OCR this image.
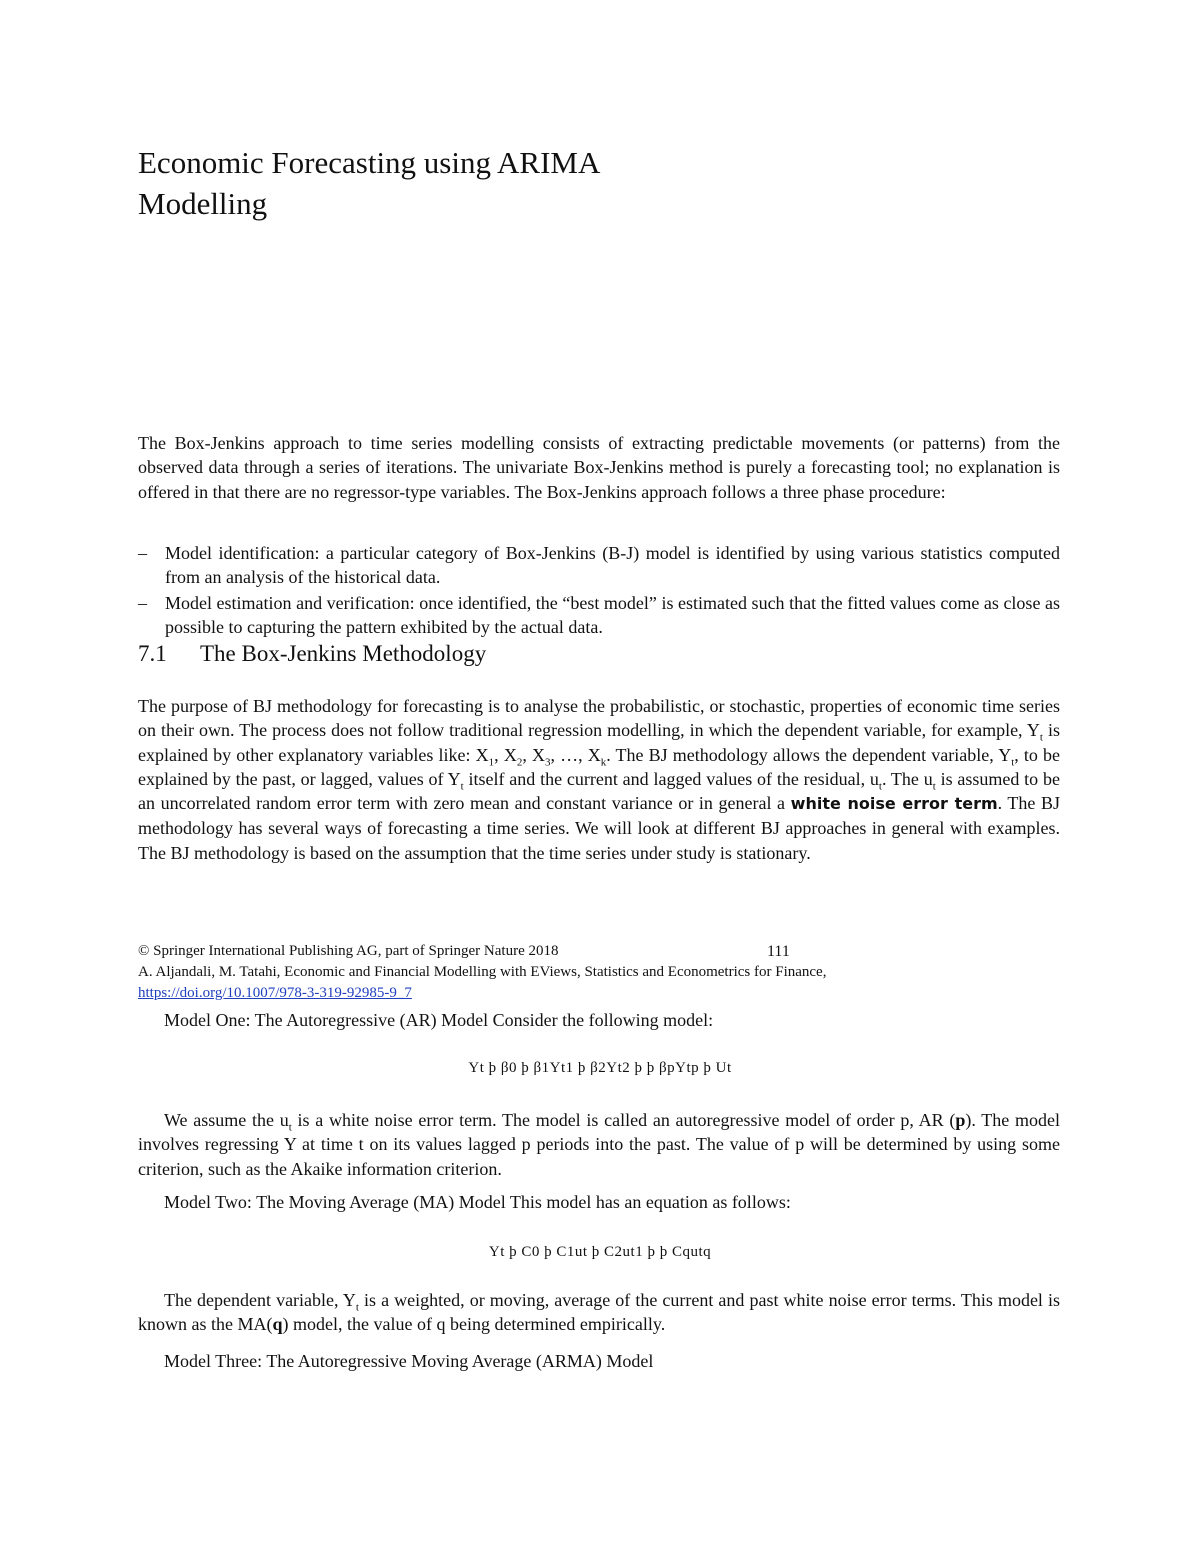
Economic Forecasting using ARIMA
Modelling

The Box-Jenkins approach to time series modelling consists of extracting predictable movements (or patterns) from the observed data through a series of iterations. The univariate Box-Jenkins method is purely a forecasting tool; no explanation is offered in that there are no regressor-type variables. The Box-Jenkins approach follows a three phase procedure:

– Model identification: a particular category of Box-Jenkins (B-J) model is identified by using various statistics computed from an analysis of the historical data.
– Model estimation and verification: once identified, the “best model” is estimated such that the fitted values come as close as possible to capturing the pattern exhibited by the actual data.
7.1 The Box-Jenkins Methodology

The purpose of BJ methodology for forecasting is to analyse the probabilistic, or stochastic, properties of economic time series on their own. The process does not follow traditional regression modelling, in which the dependent variable, for example, $Y_t$ is explained by other explanatory variables like: $X_1$, $X_2$, $X_3$, …, $X_k$. The BJ methodology allows the dependent variable, $Y_t$, to be explained by the past, or lagged, values of $Y_t$ itself and the current and lagged values of the residual, $u_t$. The $u_t$ is assumed to be an uncorrelated random error term with zero mean and constant variance or in general a white noise error term. The BJ methodology has several ways of forecasting a time series. We will look at different BJ approaches in general with examples. The BJ methodology is based on the assumption that the time series under study is stationary.

© Springer International Publishing AG, part of Springer Nature 2018	111
A. Aljandali, M. Tatahi, Economic and Financial Modelling with EViews, Statistics and Econometrics for Finance,
https://doi.org/10.1007/978-3-319-92985-9_7

Model One: The Autoregressive (AR) Model Consider the following model:

Yt þ β0 þ β1Yt1 þ β2Yt2 þ þ βpYtp þ Ut

We assume the $u_t$ is a white noise error term. The model is called an autoregressive model of order p, AR (p). The model involves regressing Y at time t on its values lagged p periods into the past. The value of p will be determined by using some criterion, such as the Akaike information criterion.

Model Two: The Moving Average (MA) Model This model has an equation as follows:

Yt þ C0 þ C1ut þ C2ut1 þ þ Cqutq

The dependent variable, $Y_t$ is a weighted, or moving, average of the current and past white noise error terms. This model is known as the MA(q) model, the value of q being determined empirically.

Model Three: The Autoregressive Moving Average (ARMA) Model
